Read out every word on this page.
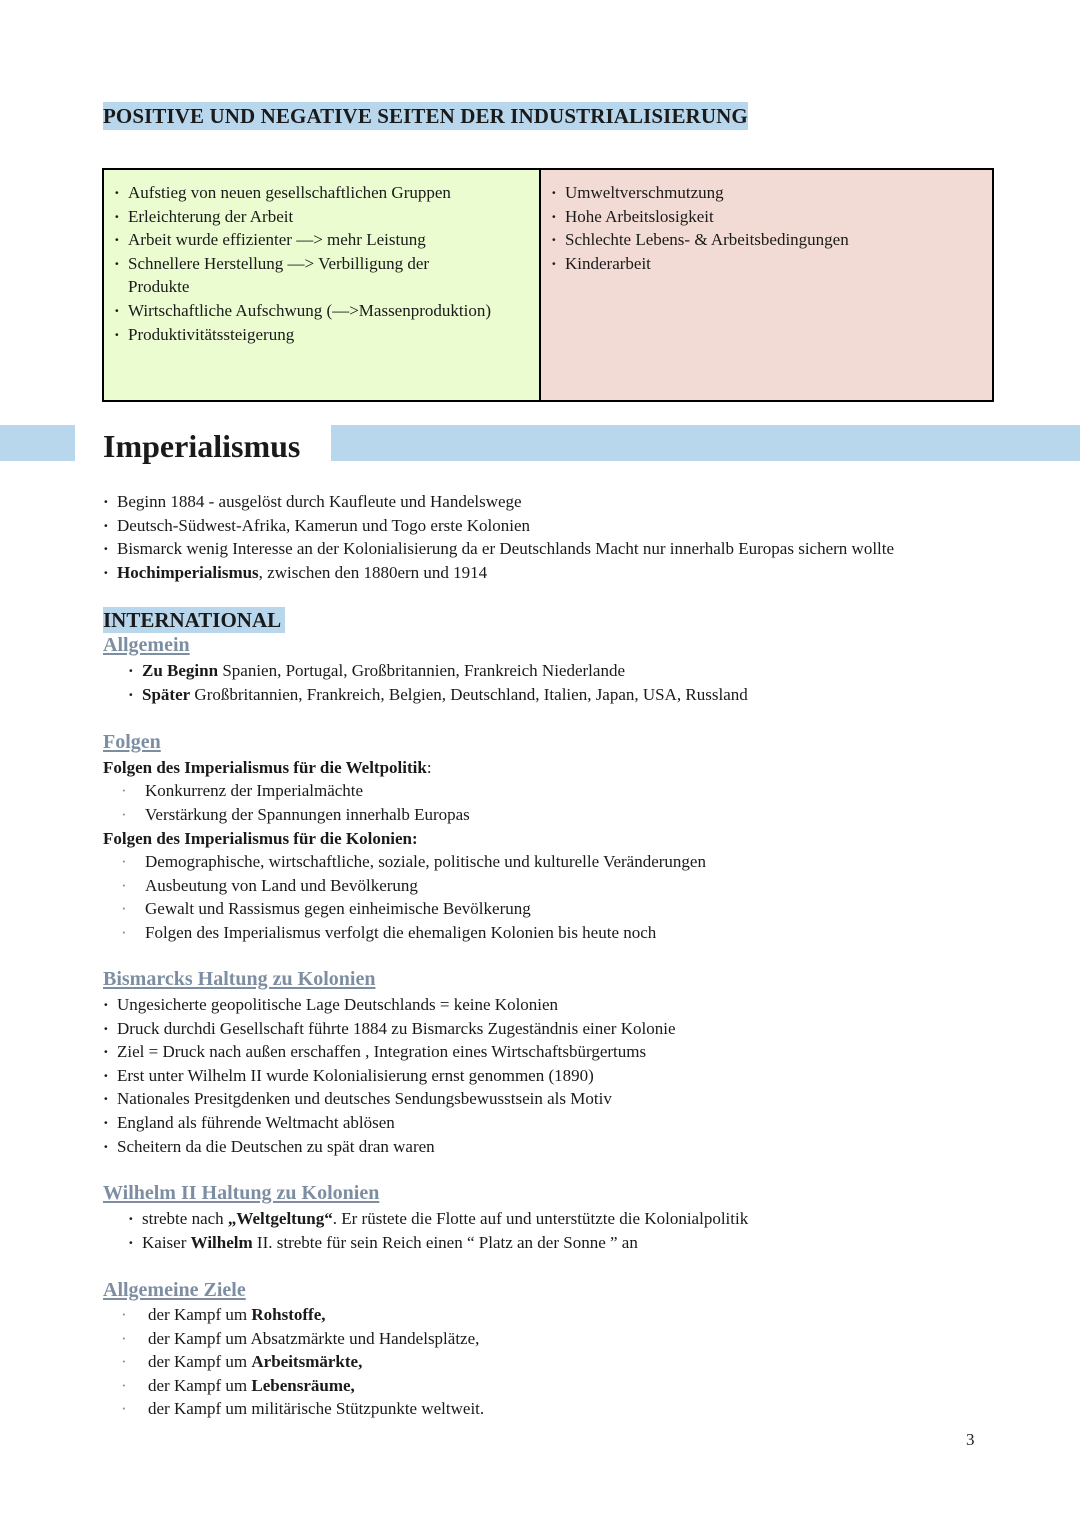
POSITIVE UND NEGATIVE SEITEN DER INDUSTRIALISIERUNG
· Aufstieg von neuen gesellschaftlichen Gruppen
· Erleichterung der Arbeit
· Arbeit wurde effizienter —> mehr Leistung
· Schnellere Herstellung —> Verbilligung der Produkte
· Wirtschaftliche Aufschwung (—>Massenproduktion)
· Produktivitätssteigerung
· Umweltverschmutzung
· Hohe Arbeitslosigkeit
· Schlechte Lebens- & Arbeitsbedingungen
· Kinderarbeit
Imperialismus
· Beginn 1884 - ausgelöst durch Kaufleute und Handelswege
· Deutsch-Südwest-Afrika, Kamerun und Togo erste Kolonien
· Bismarck wenig Interesse an der Kolonialisierung da er Deutschlands Macht nur innerhalb Europas sichern wollte
· Hochimperialismus, zwischen den 1880ern und 1914
INTERNATIONAL
Allgemein
· Zu Beginn Spanien, Portugal, Großbritannien, Frankreich Niederlande
· Später Großbritannien, Frankreich, Belgien, Deutschland, Italien, Japan, USA, Russland
Folgen
Folgen des Imperialismus für die Weltpolitik:
· Konkurrenz der Imperialmächte
· Verstärkung der Spannungen innerhalb Europas
Folgen des Imperialismus für die Kolonien:
· Demographische, wirtschaftliche, soziale, politische und kulturelle Veränderungen
· Ausbeutung von Land und Bevölkerung
· Gewalt und Rassismus gegen einheimische Bevölkerung
· Folgen des Imperialismus verfolgt die ehemaligen Kolonien bis heute noch
Bismarcks Haltung zu Kolonien
· Ungesicherte geopolitische Lage Deutschlands = keine Kolonien
· Druck durchdi Gesellschaft führte 1884 zu Bismarcks Zugeständnis einer Kolonie
· Ziel = Druck nach außen erschaffen , Integration eines Wirtschaftsbürgertums
· Erst unter Wilhelm II wurde Kolonialisierung ernst genommen (1890)
· Nationales Presitgdenken und deutsches Sendungsbewusstsein als Motiv
· England als führende Weltmacht ablösen
· Scheitern da die Deutschen zu spät dran waren
Wilhelm II Haltung zu Kolonien
· strebte nach „Weltgeltung“. Er rüstete die Flotte auf und unterstützte die Kolonialpolitik
· Kaiser Wilhelm II. strebte für sein Reich einen “ Platz an der Sonne ” an
Allgemeine Ziele
· der Kampf um Rohstoffe,
· der Kampf um Absatzmärkte und Handelsplätze,
· der Kampf um Arbeitsmärkte,
· der Kampf um Lebensräume,
· der Kampf um militärische Stützpunkte weltweit.
3
